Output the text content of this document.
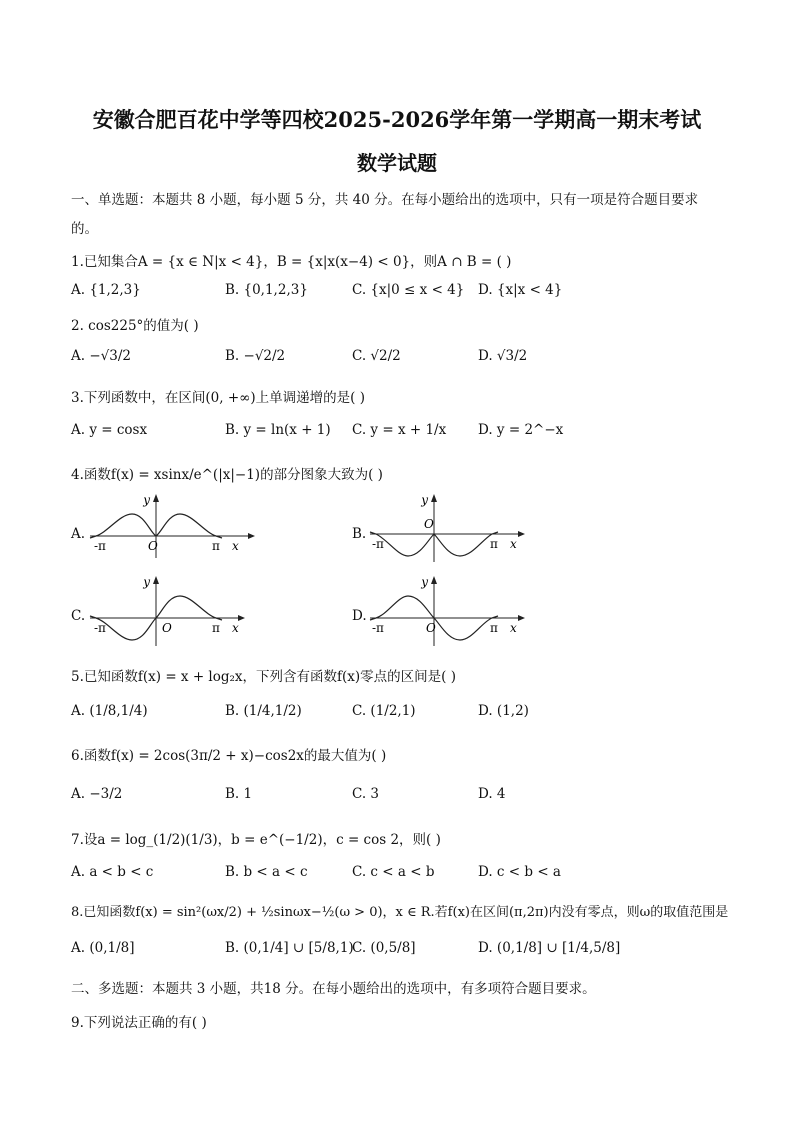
安徽合肥百花中学等四校2025-2026学年第一学期高一期末考试
数学试题
一、单选题：本题共 8 小题，每小题 5 分，共 40 分。在每小题给出的选项中，只有一项是符合题目要求
的。
1.已知集合A = {x ∈ N|x < 4}，B = {x|x(x−4) < 0}，则A ∩ B = ( )
A. {1,2,3}	B. {0,1,2,3}	C. {x|0 ≤ x < 4} D. {x|x < 4}
2. cos225°的值为( )
A. −√3/2	B. −√2/2	C. √2/2	D. √3/2
3.下列函数中，在区间(0, +∞)上单调递增的是( )
A. y = cosx	B. y = ln(x + 1) C. y = x + 1/x D. y = 2^−x
4.函数f(x) = xsinx/e^(|x|−1)的部分图象大致为( )
A.
y
-π	O	π x
B.
y
O
-π	π x
C.
y
-π	O	π x
D.
y
-π	O	π x
5.已知函数f(x) = x + log₂x，下列含有函数f(x)零点的区间是( )
A. (1/8,1/4)	B. (1/4,1/2)	C. (1/2,1)	D. (1,2)
6.函数f(x) = 2cos(3π/2 + x)−cos2x的最大值为( )
A. −3/2	B. 1	C. 3	D. 4
7.设a = log_(1/2)(1/3)，b = e^(−1/2)，c = cos 2，则( )
A. a < b < c	B. b < a < c	C. c < a < b	D. c < b < a
8.已知函数f(x) = sin²(ωx/2) + ½sinωx−½(ω > 0)，x ∈ R.若f(x)在区间(π,2π)内没有零点，则ω的取值范围是
A. (0,1/8]	B. (0,1/4] ∪ [5/8,1)
C. (0,5/8]	D. (0,1/8] ∪ [1/4,5/8]
二、多选题：本题共 3 小题，共18 分。在每小题给出的选项中，有多项符合题目要求。
9.下列说法正确的有( )
